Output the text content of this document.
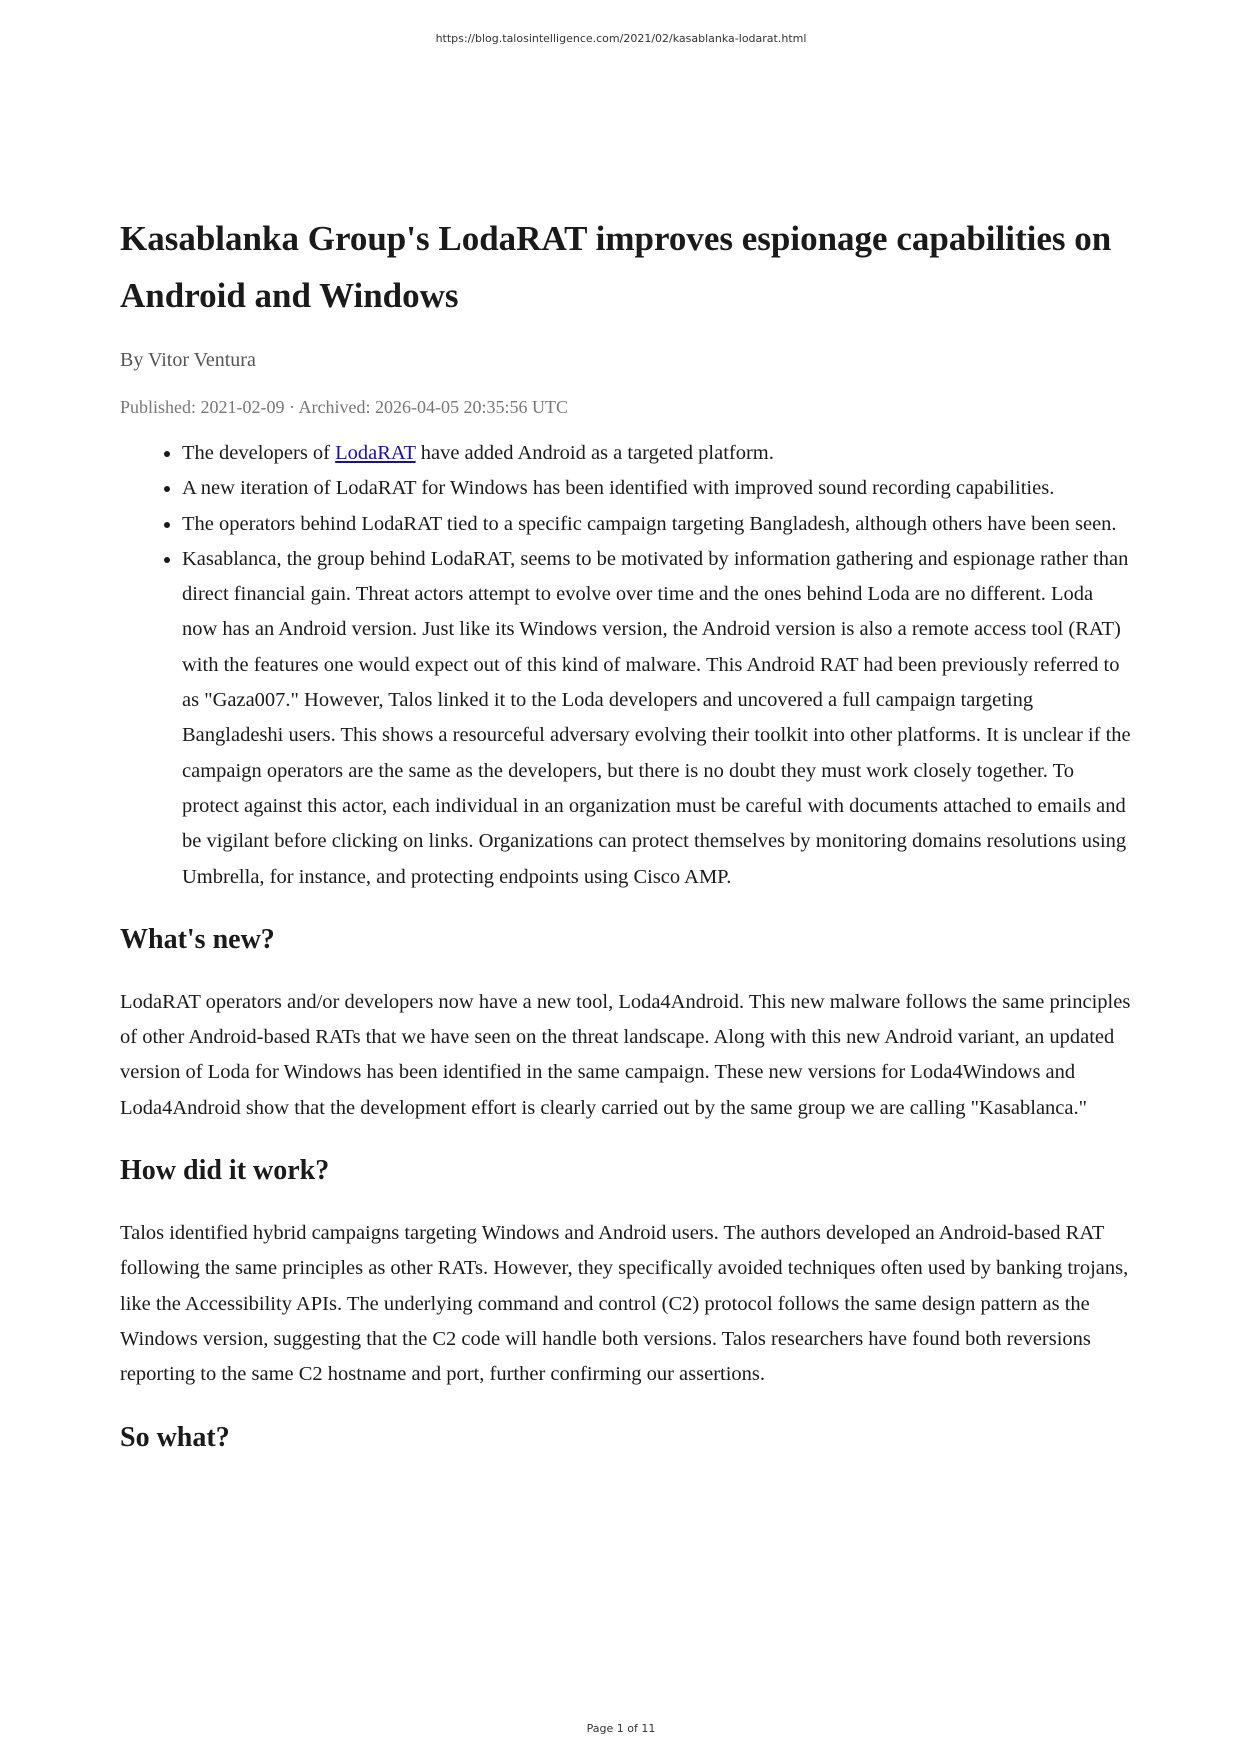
https://blog.talosintelligence.com/2021/02/kasablanka-lodarat.html
Kasablanka Group's LodaRAT improves espionage capabilities on Android and Windows
By Vitor Ventura
Published: 2021-02-09 · Archived: 2026-04-05 20:35:56 UTC
• The developers of LodaRAT have added Android as a targeted platform.
• A new iteration of LodaRAT for Windows has been identified with improved sound recording capabilities.
• The operators behind LodaRAT tied to a specific campaign targeting Bangladesh, although others have been seen.
• Kasablanca, the group behind LodaRAT, seems to be motivated by information gathering and espionage rather than direct financial gain. Threat actors attempt to evolve over time and the ones behind Loda are no different. Loda now has an Android version. Just like its Windows version, the Android version is also a remote access tool (RAT) with the features one would expect out of this kind of malware. This Android RAT had been previously referred to as "Gaza007." However, Talos linked it to the Loda developers and uncovered a full campaign targeting Bangladeshi users. This shows a resourceful adversary evolving their toolkit into other platforms. It is unclear if the campaign operators are the same as the developers, but there is no doubt they must work closely together. To protect against this actor, each individual in an organization must be careful with documents attached to emails and be vigilant before clicking on links. Organizations can protect themselves by monitoring domains resolutions using Umbrella, for instance, and protecting endpoints using Cisco AMP.
What's new?

LodaRAT operators and/or developers now have a new tool, Loda4Android. This new malware follows the same principles of other Android-based RATs that we have seen on the threat landscape. Along with this new Android variant, an updated version of Loda for Windows has been identified in the same campaign. These new versions for Loda4Windows and Loda4Android show that the development effort is clearly carried out by the same group we are calling "Kasablanca."

How did it work?

Talos identified hybrid campaigns targeting Windows and Android users. The authors developed an Android-based RAT following the same principles as other RATs. However, they specifically avoided techniques often used by banking trojans, like the Accessibility APIs. The underlying command and control (C2) protocol follows the same design pattern as the Windows version, suggesting that the C2 code will handle both versions. Talos researchers have found both reversions reporting to the same C2 hostname and port, further confirming our assertions.

So what?
Page 1 of 11
